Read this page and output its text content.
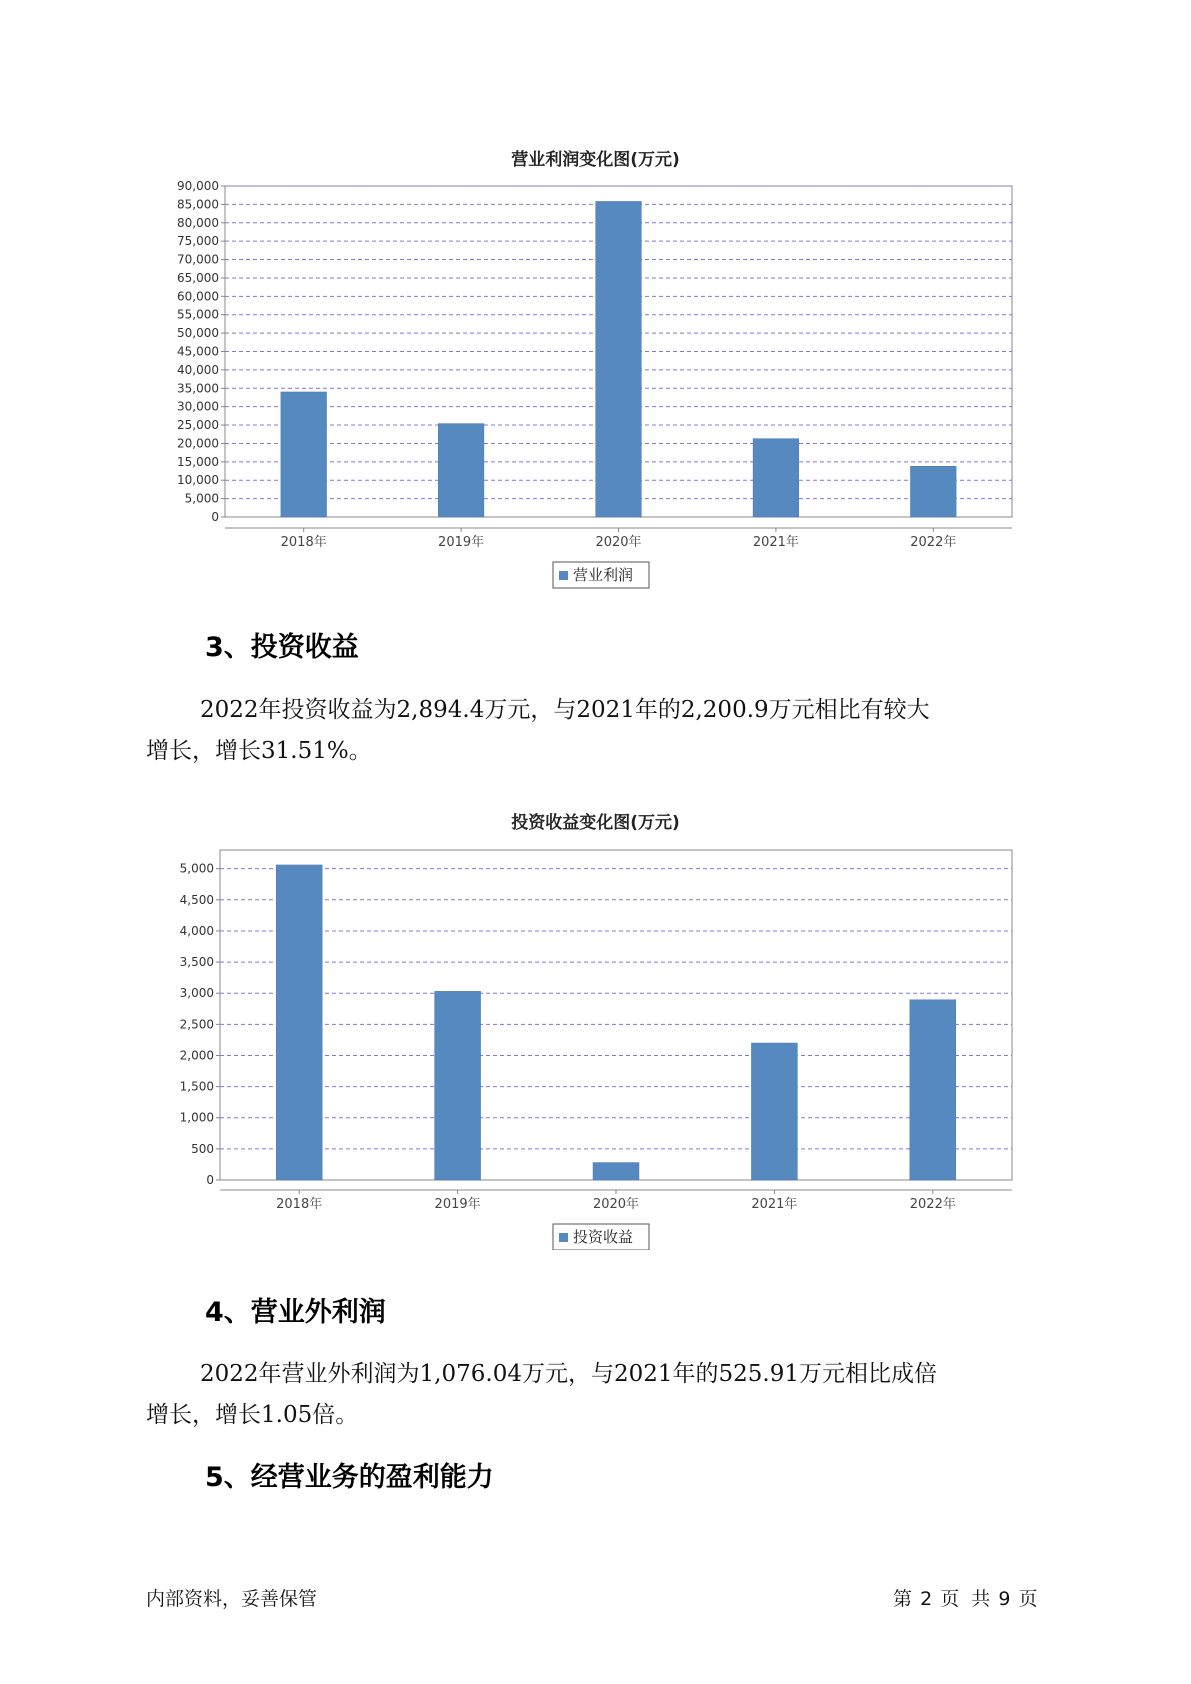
营业利润变化图(万元)
0
5,000
10,000
15,000
20,000
25,000
30,000
35,000
40,000
45,000
50,000
55,000
60,000
65,000
70,000
75,000
80,000
85,000
90,000
2018年	2019年	2020年	2021年	2022年
营业利润
3、投资收益
2022年投资收益为2,894.4万元，与2021年的2,200.9万元相比有较大
增长，增长31.51%。
投资收益变化图(万元)
0
500
1,000
1,500
2,000
2,500
3,000
3,500
4,000
4,500
5,000
2018年	2019年	2020年	2021年	2022年
投资收益
4、营业外利润
2022年营业外利润为1,076.04万元，与2021年的525.91万元相比成倍
增长，增长1.05倍。
5、经营业务的盈利能力
内部资料，妥善保管	第 2 页  共 9 页
